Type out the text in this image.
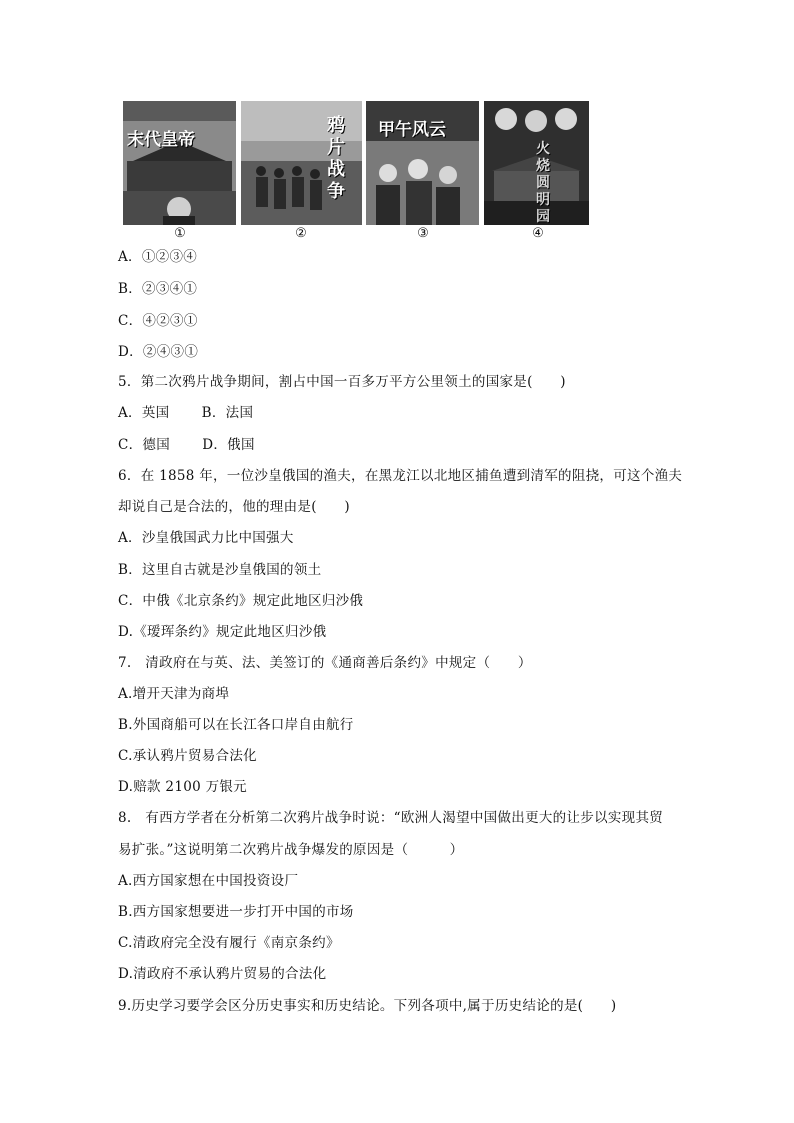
末代皇帝
鸦片战争
甲午风云
火烧圆明园
①	②	③	④
A．①②③④
B．②③④①
C．④②③①
D．②④③①
5．第二次鸦片战争期间，割占中国一百多万平方公里领土的国家是(　　)
A．英国　　 B．法国
C．德国　　 D．俄国
6．在 1858 年，一位沙皇俄国的渔夫，在黑龙江以北地区捕鱼遭到清军的阻挠，可这个渔夫
却说自己是合法的，他的理由是(　　)
A．沙皇俄国武力比中国强大
B．这里自古就是沙皇俄国的领土
C．中俄《北京条约》规定此地区归沙俄
D.《瑷珲条约》规定此地区归沙俄
7.　清政府在与英、法、美签订的《通商善后条约》中规定（　　）
A.增开天津为商埠
B.外国商船可以在长江各口岸自由航行
C.承认鸦片贸易合法化
D.赔款 2100 万银元
8.　有西方学者在分析第二次鸦片战争时说：“欧洲人渴望中国做出更大的让步以实现其贸
易扩张。”这说明第二次鸦片战争爆发的原因是（　　　）
A.西方国家想在中国投资设厂
B.西方国家想要进一步打开中国的市场
C.清政府完全没有履行《南京条约》
D.清政府不承认鸦片贸易的合法化
9.历史学习要学会区分历史事实和历史结论。下列各项中,属于历史结论的是(　　)
